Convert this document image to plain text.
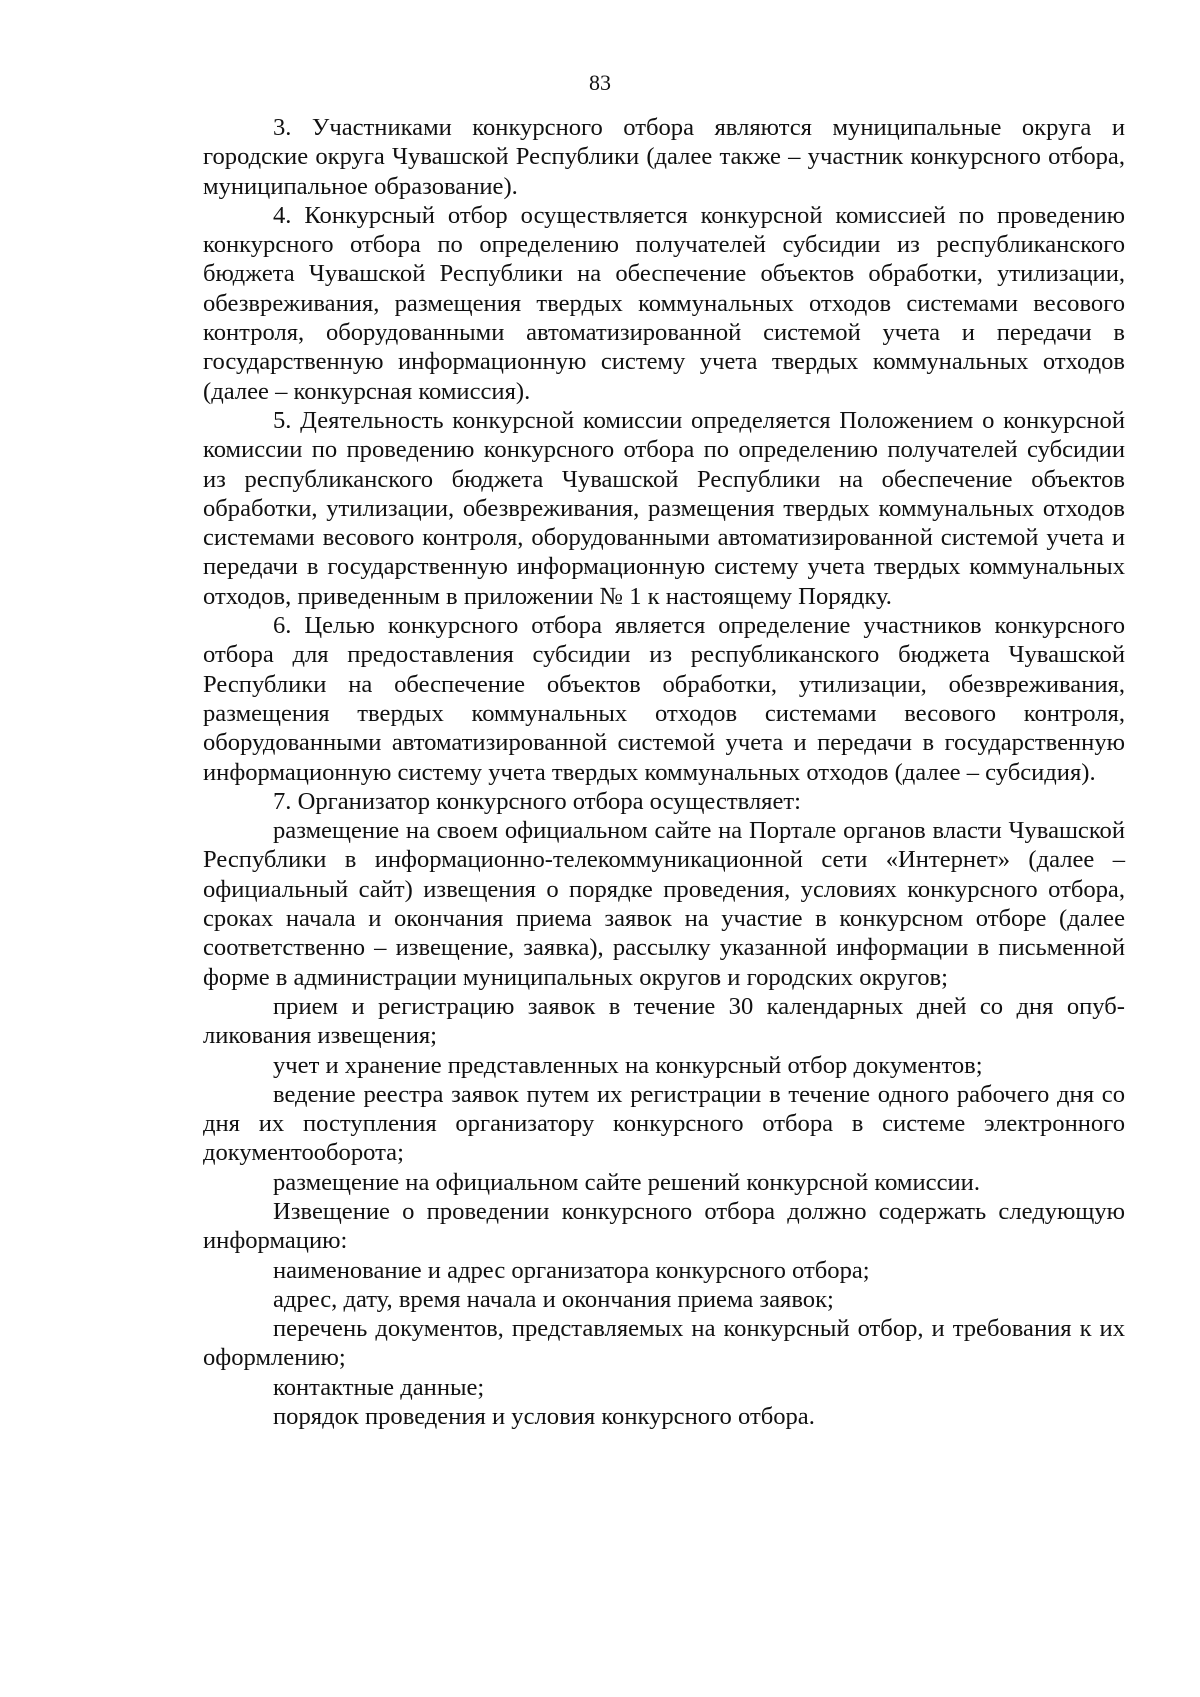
83

3. Участниками конкурсного отбора являются муниципальные округа и городские округа Чувашской Республики (далее также – участник конкурсного отбора, муниципальное образование).

4. Конкурсный отбор осуществляется конкурсной комиссией по проведению конкурсного отбора по определению получателей субсидии из республиканского бюджета Чувашской Республики на обеспечение объектов обработки, утилизации, обезвреживания, размещения твердых коммунальных отходов системами весового контроля, оборудованными автоматизированной системой учета и передачи в государственную информационную систему учета твердых коммунальных отходов (далее – конкурсная комиссия).

5. Деятельность конкурсной комиссии определяется Положением о конкурсной комиссии по проведению конкурсного отбора по определению получателей субсидии из республиканского бюджета Чувашской Республики на обеспечение объектов обработки, утилизации, обезвреживания, размещения твердых коммунальных отходов системами весового контроля, оборудованными автоматизированной системой учета и передачи в государственную информационную систему учета твердых коммунальных отходов, приведенным в приложении № 1 к настоящему Порядку.

6. Целью конкурсного отбора является определение участников конкурсного отбора для предоставления субсидии из республиканского бюджета Чувашской Республики на обеспечение объектов обработки, утилизации, обезвреживания, размещения твердых коммунальных отходов системами весового контроля, оборудованными автоматизированной системой учета и передачи в государственную информационную систему учета твердых коммунальных отходов (далее – субсидия).

7. Организатор конкурсного отбора осуществляет:

размещение на своем официальном сайте на Портале органов власти Чувашской Республики в информационно-телекоммуникационной сети «Интернет» (далее – официальный сайт) извещения о порядке проведения, условиях конкурсного отбора, сроках начала и окончания приема заявок на участие в конкурсном отборе (далее соответственно – извещение, заявка), рассылку указанной информации в письменной форме в администрации муниципальных округов и городских округов;

прием и регистрацию заявок в течение 30 календарных дней со дня опубликования извещения;

учет и хранение представленных на конкурсный отбор документов;

ведение реестра заявок путем их регистрации в течение одного рабочего дня со дня их поступления организатору конкурсного отбора в системе электронного документооборота;

размещение на официальном сайте решений конкурсной комиссии.

Извещение о проведении конкурсного отбора должно содержать следующую информацию:

наименование и адрес организатора конкурсного отбора;

адрес, дату, время начала и окончания приема заявок;

перечень документов, представляемых на конкурсный отбор, и требования к их оформлению;

контактные данные;

порядок проведения и условия конкурсного отбора.
